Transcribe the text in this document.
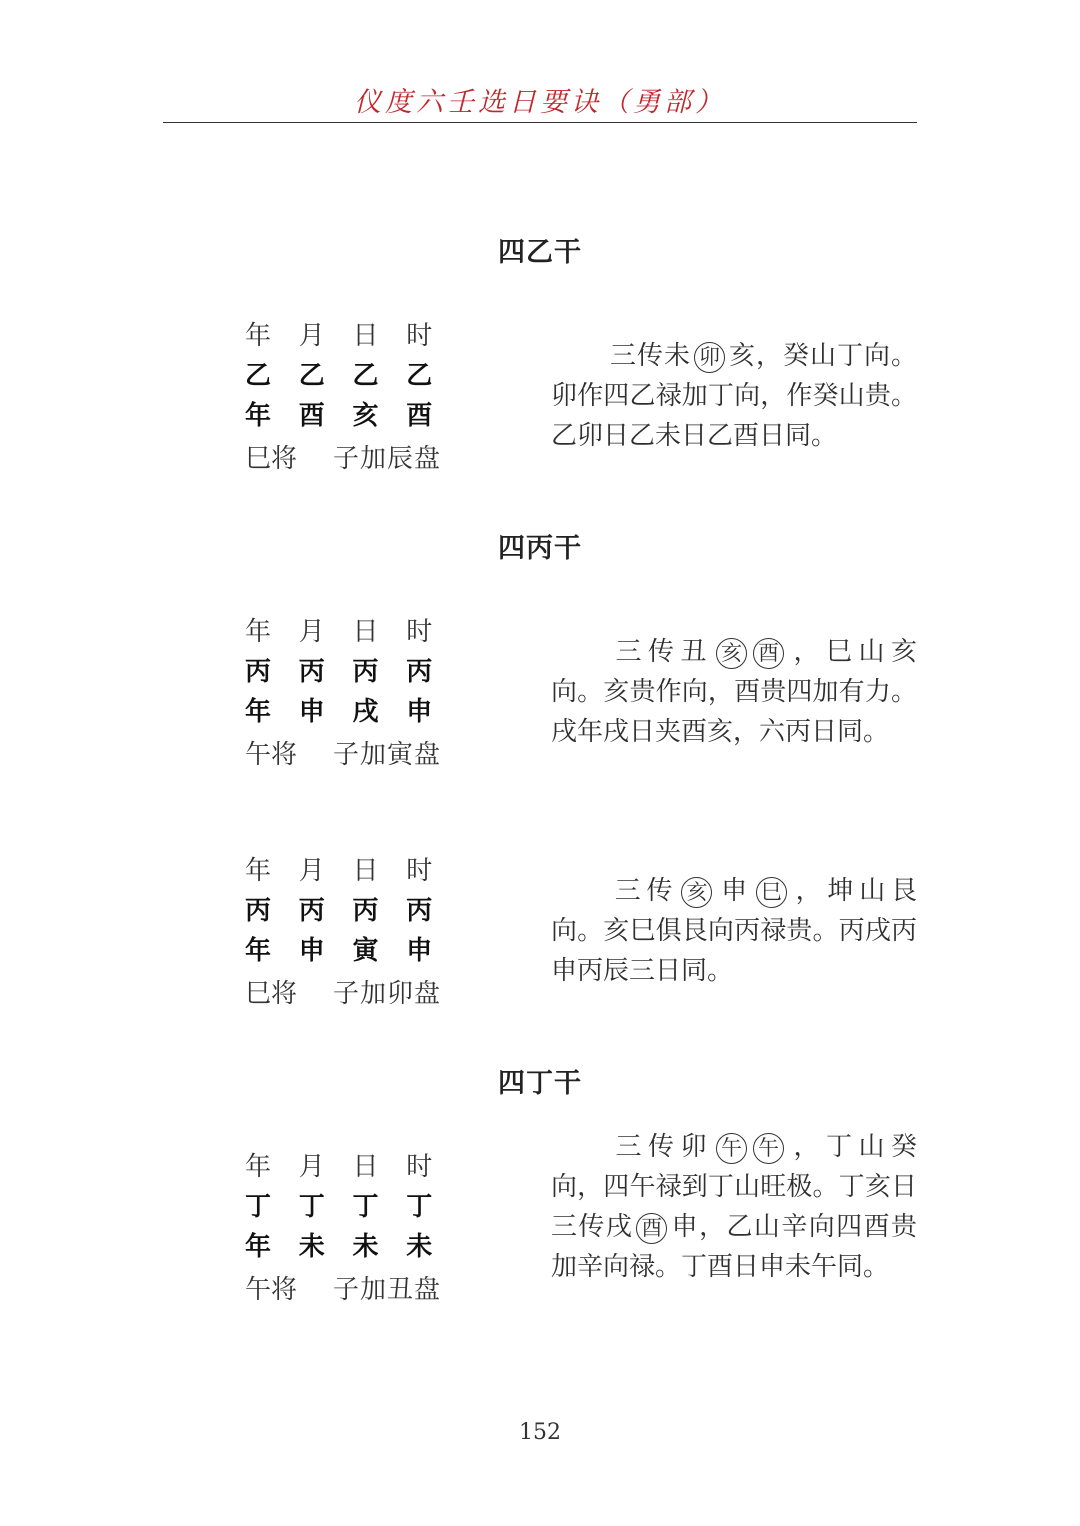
仪度六壬选日要诀（勇部）
四乙干
年	月	日	时
乙	乙	乙	乙
年	酉	亥	酉
巳将	子加辰盘
三传未 卯 亥，癸山丁向。卯作四乙禄加丁向，作癸山贵。乙卯日乙未日乙酉日同。
四丙干
年	月	日	时
丙	丙	丙	丙
年	申	戌	申
午将	子加寅盘
三传丑 亥 酉 ，巳山亥向。亥贵作向，酉贵四加有力。戌年戌日夹酉亥，六丙日同。
年	月	日	时
丙	丙	丙	丙
年	申	寅	申
巳将	子加卯盘
三传 亥 申 巳 ，坤山艮向。亥巳俱艮向丙禄贵。丙戌丙申丙辰三日同。
四丁干
年	月	日	时
丁	丁	丁	丁
年	未	未	未
午将	子加丑盘
三传卯 午 午 ，丁山癸向，四午禄到丁山旺极。丁亥日三传戌 酉 申，乙山辛向四酉贵加辛向禄。丁酉日申未午同。
152
